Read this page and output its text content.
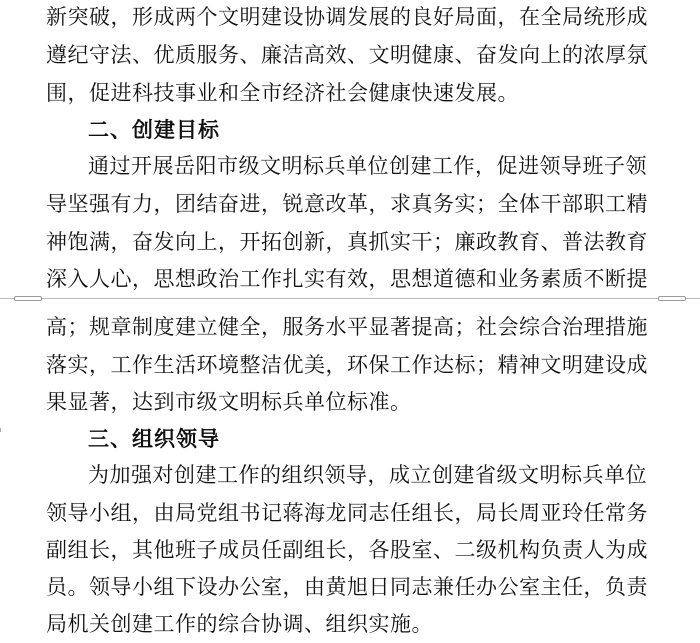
新突破，形成两个文明建设协调发展的良好局面，在全局统形成
遵纪守法、优质服务、廉洁高效、文明健康、奋发向上的浓厚氛
围，促进科技事业和全市经济社会健康快速发展。
二、创建目标
通过开展岳阳市级文明标兵单位创建工作，促进领导班子领
导坚强有力，团结奋进，锐意改革，求真务实；全体干部职工精
神饱满，奋发向上，开拓创新，真抓实干；廉政教育、普法教育
深入人心，思想政治工作扎实有效，思想道德和业务素质不断提
高；规章制度建立健全，服务水平显著提高；社会综合治理措施
落实，工作生活环境整洁优美，环保工作达标；精神文明建设成
果显著，达到市级文明标兵单位标准。
三、组织领导
为加强对创建工作的组织领导，成立创建省级文明标兵单位
领导小组，由局党组书记蒋海龙同志任组长，局长周亚玲任常务
副组长，其他班子成员任副组长，各股室、二级机构负责人为成
员。领导小组下设办公室，由黄旭日同志兼任办公室主任，负责
局机关创建工作的综合协调、组织实施。
